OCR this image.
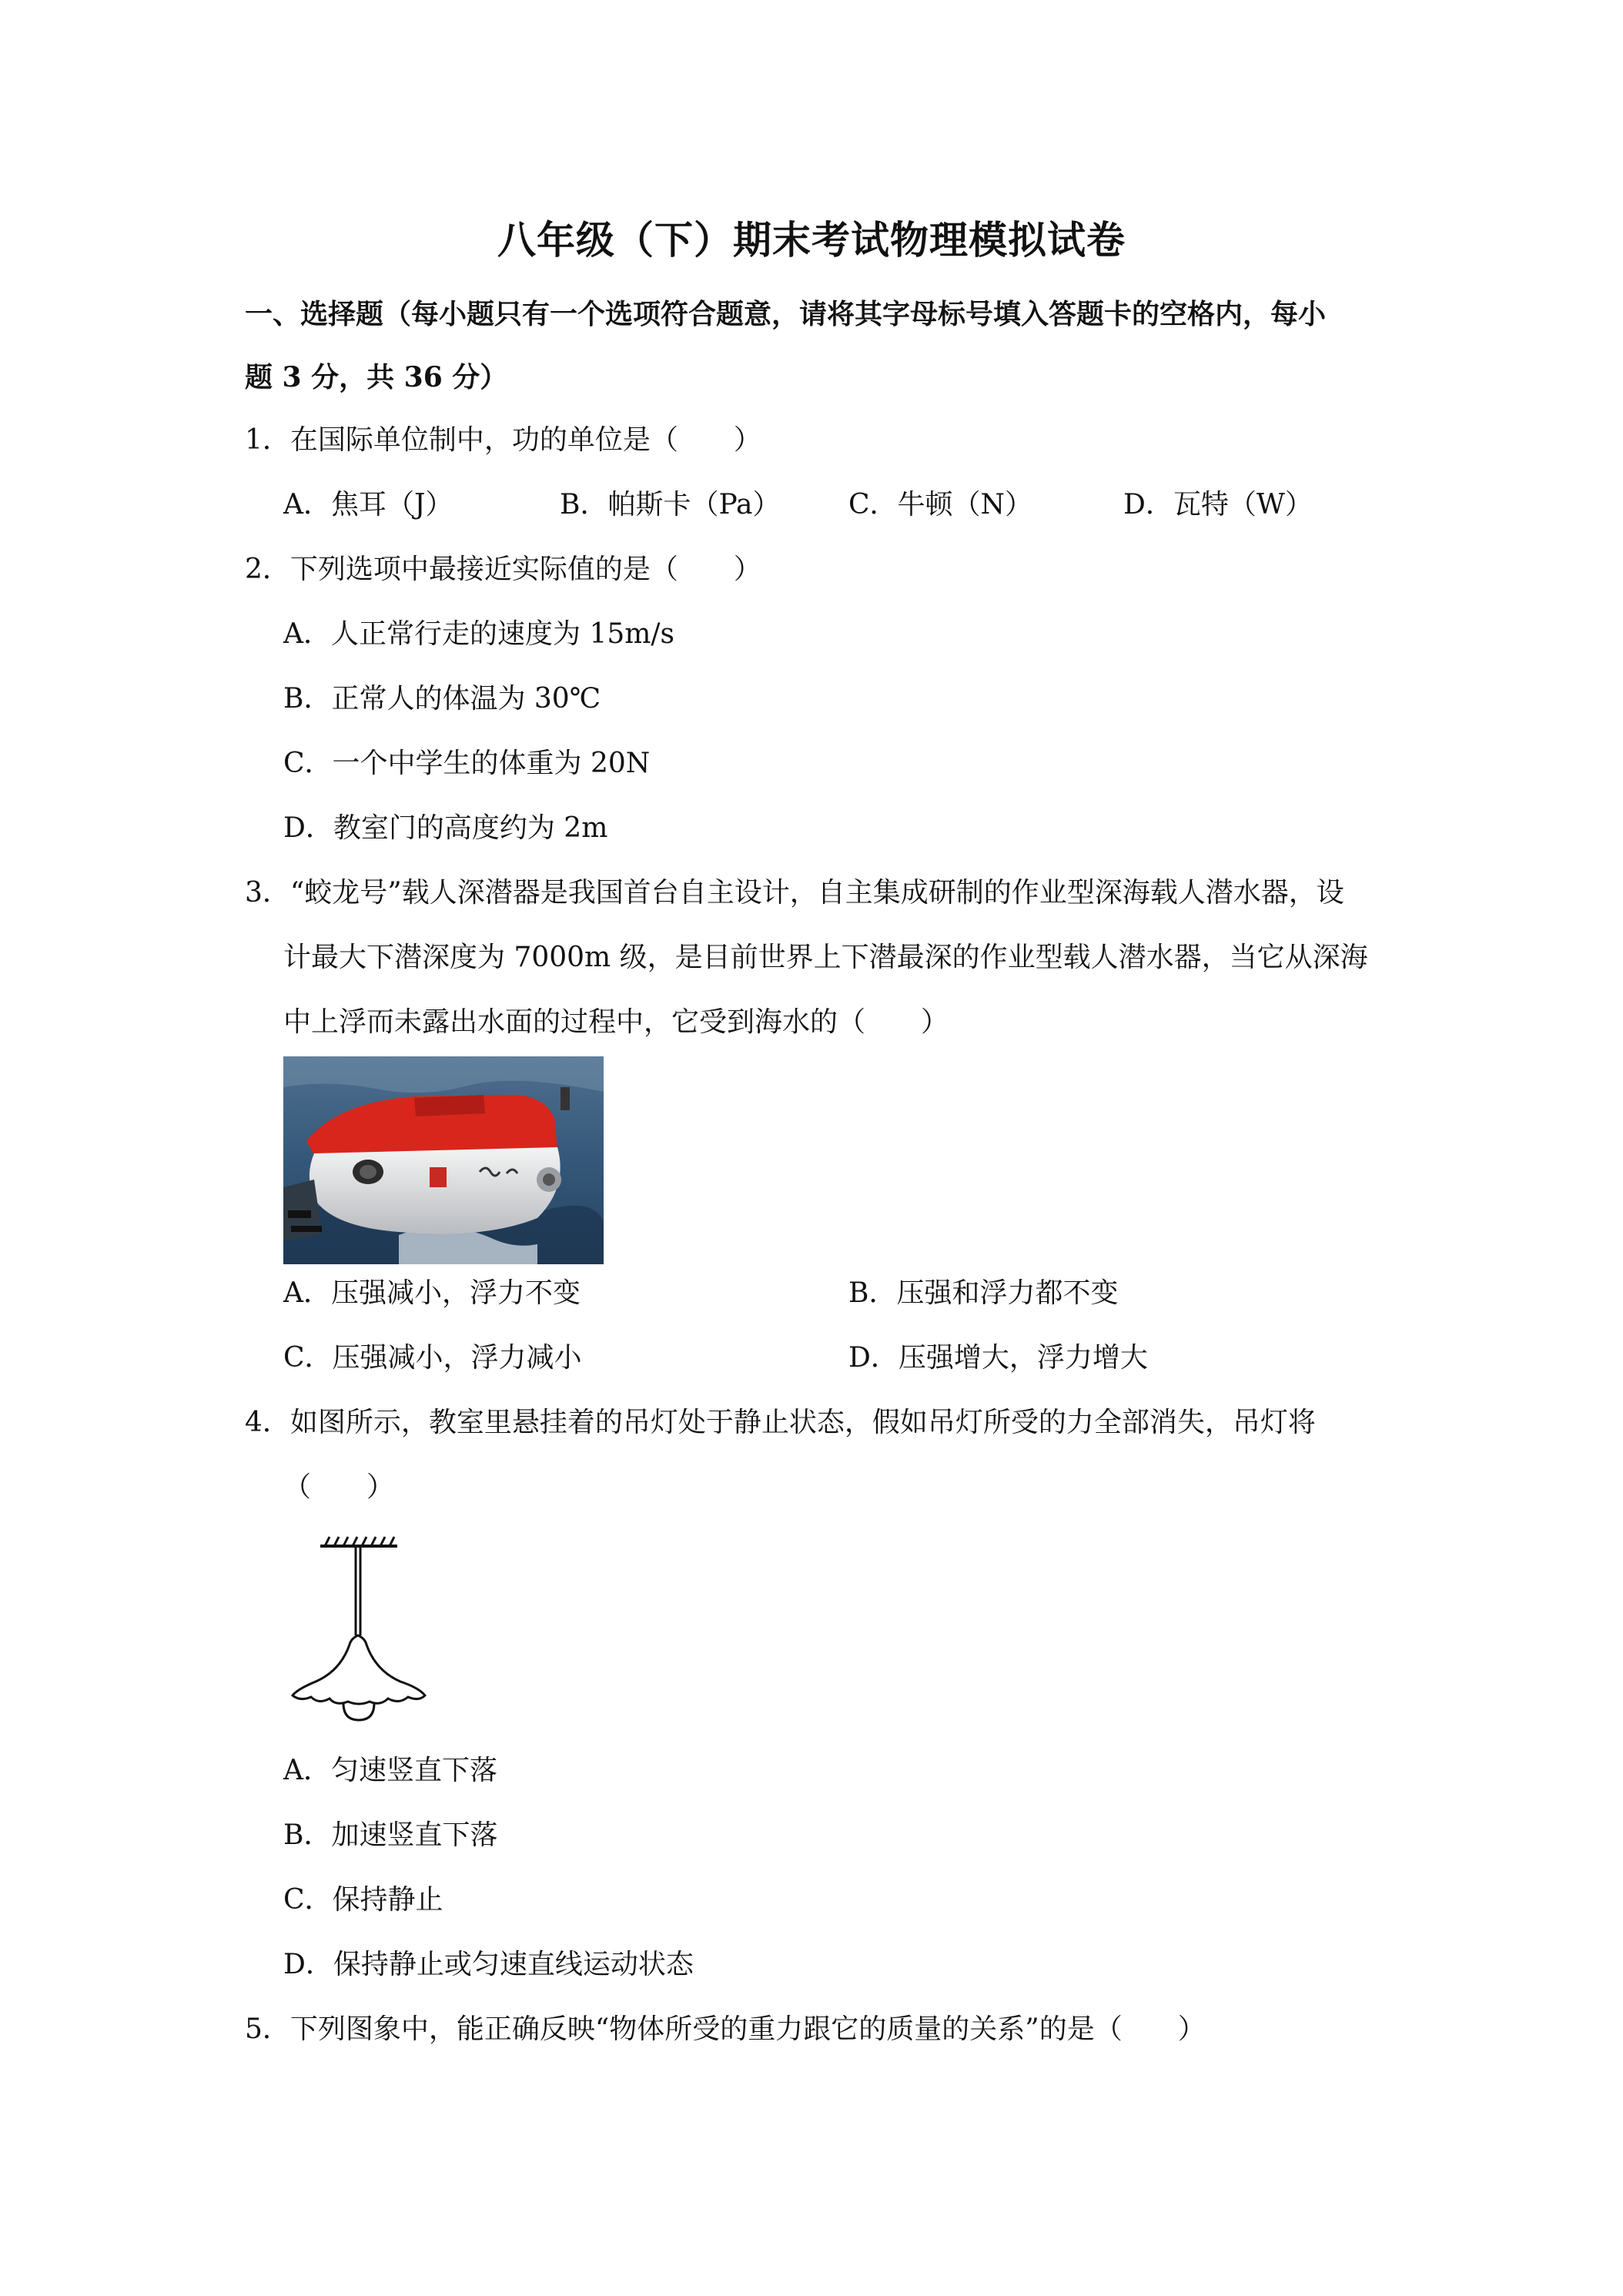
八年级（下）期末考试物理模拟试卷
一、选择题（每小题只有一个选项符合题意，请将其字母标号填入答题卡的空格内，每小
题 3 分，共 36 分）
1．在国际单位制中，功的单位是（　　）
A．焦耳（J）	B．帕斯卡（Pa） C．牛顿（N）	D．瓦特（W）
2．下列选项中最接近实际值的是（　　）
A．人正常行走的速度为 15m/s
B．正常人的体温为 30℃
C．一个中学生的体重为 20N
D．教室门的高度约为 2m
3．“蛟龙号”载人深潜器是我国首台自主设计，自主集成研制的作业型深海载人潜水器，设
计最大下潜深度为 7000m 级，是目前世界上下潜最深的作业型载人潜水器，当它从深海
中上浮而未露出水面的过程中，它受到海水的（　　）
A．压强减小，浮力不变	B．压强和浮力都不变
C．压强减小，浮力减小	D．压强增大，浮力增大
4．如图所示，教室里悬挂着的吊灯处于静止状态，假如吊灯所受的力全部消失，吊灯将
（　　）
A．匀速竖直下落
B．加速竖直下落
C．保持静止
D．保持静止或匀速直线运动状态
5．下列图象中，能正确反映“物体所受的重力跟它的质量的关系”的是（　　）
